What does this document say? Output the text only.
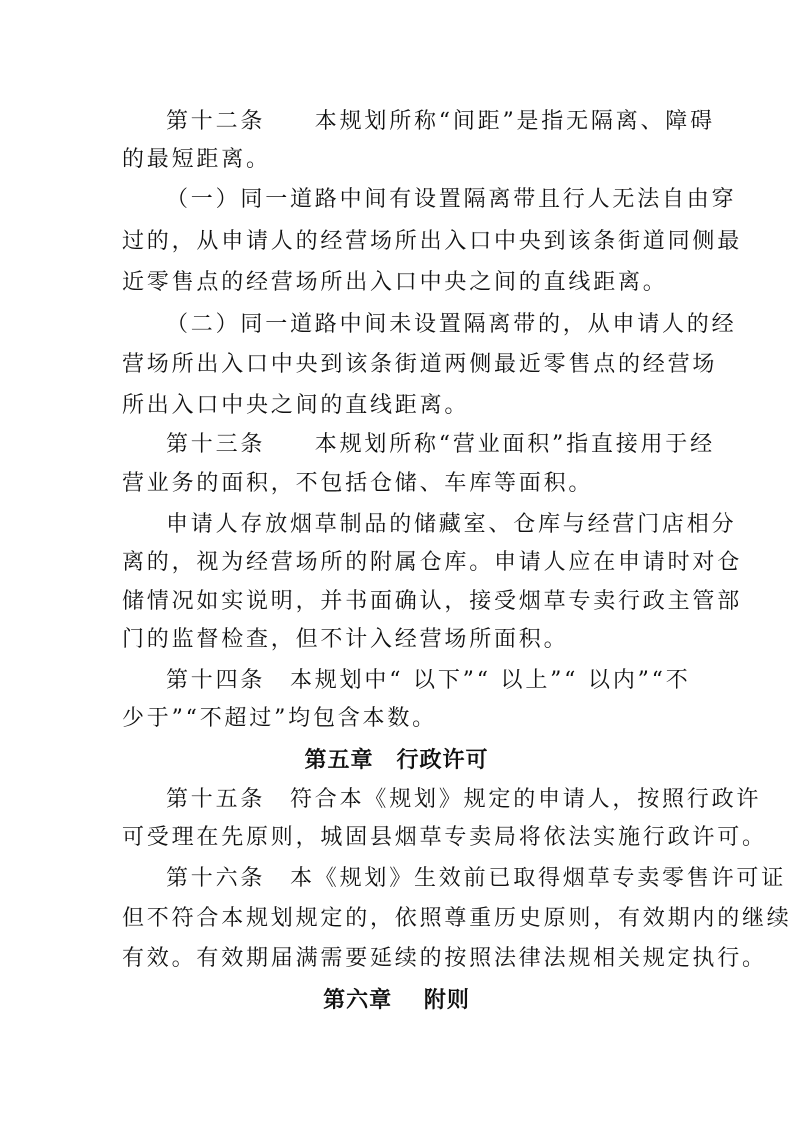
第十二条　　本规划所称“间距”是指无隔离、障碍
的最短距离。
（一）同一道路中间有设置隔离带且行人无法自由穿
过的，从申请人的经营场所出入口中央到该条街道同侧最
近零售点的经营场所出入口中央之间的直线距离。
（二）同一道路中间未设置隔离带的，从申请人的经
营场所出入口中央到该条街道两侧最近零售点的经营场
所出入口中央之间的直线距离。
第十三条　　本规划所称“营业面积”指直接用于经
营业务的面积，不包括仓储、车库等面积。
申请人存放烟草制品的储藏室、仓库与经营门店相分
离的，视为经营场所的附属仓库。申请人应在申请时对仓
储情况如实说明，并书面确认，接受烟草专卖行政主管部
门的监督检查，但不计入经营场所面积。
第十四条　本规划中“ 以下”“ 以上”“ 以内”“不
少于”“不超过”均包含本数。
第五章　行政许可
第十五条　符合本《规划》规定的申请人，按照行政许
可受理在先原则，城固县烟草专卖局将依法实施行政许可。
第十六条　本《规划》生效前已取得烟草专卖零售许可证
但不符合本规划规定的，依照尊重历史原则，有效期内的继续
有效。有效期届满需要延续的按照法律法规相关规定执行。
第六章　 附则
